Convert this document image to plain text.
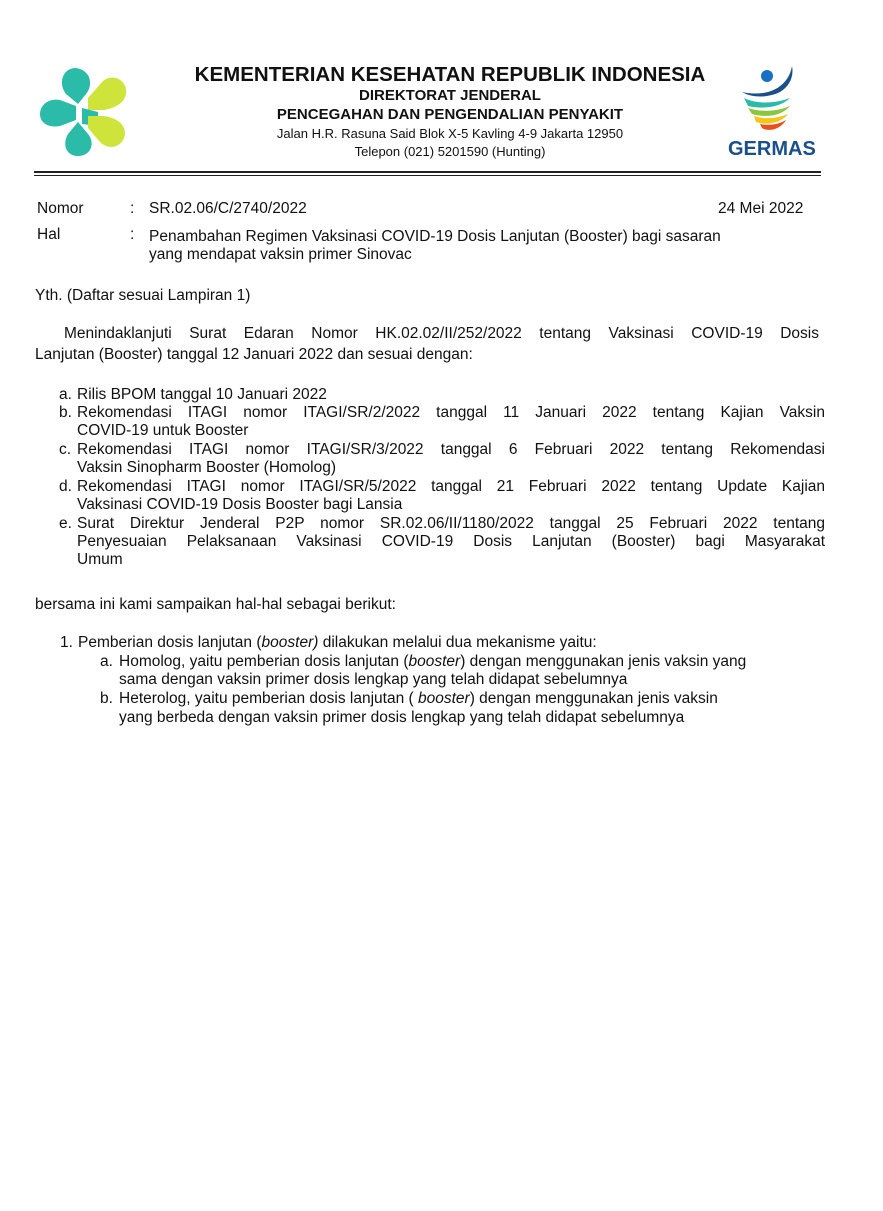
KEMENTERIAN KESEHATAN REPUBLIK INDONESIA
DIREKTORAT JENDERAL
PENCEGAHAN DAN PENGENDALIAN PENYAKIT
Jalan H.R. Rasuna Said Blok X-5 Kavling 4-9 Jakarta 12950
Telepon (021) 5201590 (Hunting)	GERMAS
Nomor	: SR.02.06/C/2740/2022	24 Mei 2022
Hal	: Penambahan Regimen Vaksinasi COVID-19 Dosis Lanjutan (Booster) bagi sasaran
yang mendapat vaksin primer Sinovac
Yth. (Daftar sesuai Lampiran 1)
Menindaklanjuti Surat Edaran Nomor HK.02.02/II/252/2022 tentang Vaksinasi COVID-19 Dosis
Lanjutan (Booster) tanggal 12 Januari 2022 dan sesuai dengan:
a. Rilis BPOM tanggal 10 Januari 2022
b. Rekomendasi ITAGI nomor ITAGI/SR/2/2022 tanggal 11 Januari 2022 tentang Kajian Vaksin
COVID-19 untuk Booster
c. Rekomendasi ITAGI nomor ITAGI/SR/3/2022 tanggal 6 Februari 2022 tentang Rekomendasi
Vaksin Sinopharm Booster (Homolog)
d. Rekomendasi ITAGI nomor ITAGI/SR/5/2022 tanggal 21 Februari 2022 tentang Update Kajian
Vaksinasi COVID-19 Dosis Booster bagi Lansia
e. Surat Direktur Jenderal P2P nomor SR.02.06/II/1180/2022 tanggal 25 Februari 2022 tentang
Penyesuaian Pelaksanaan Vaksinasi COVID-19 Dosis Lanjutan (Booster) bagi Masyarakat
Umum
bersama ini kami sampaikan hal-hal sebagai berikut:
1. Pemberian dosis lanjutan (booster) dilakukan melalui dua mekanisme yaitu:
a. Homolog, yaitu pemberian dosis lanjutan (booster) dengan menggunakan jenis vaksin yang
sama dengan vaksin primer dosis lengkap yang telah didapat sebelumnya
b. Heterolog, yaitu pemberian dosis lanjutan ( booster) dengan menggunakan jenis vaksin
yang berbeda dengan vaksin primer dosis lengkap yang telah didapat sebelumnya
